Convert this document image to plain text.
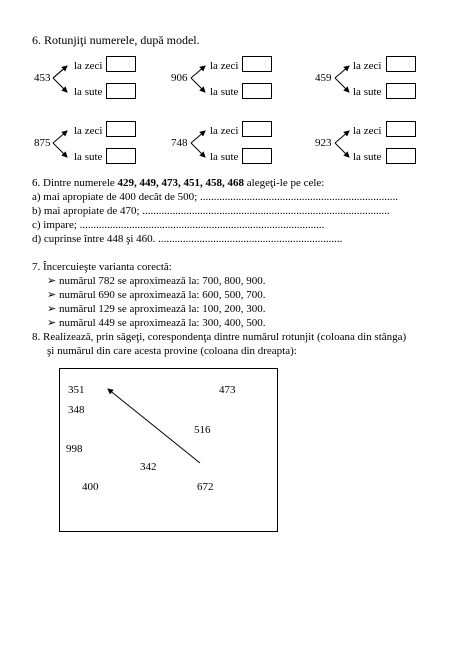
6. Rotunjiţi numerele, după model.
453
la zeci
la sute
906
la zeci
la sute
459
la zeci
la sute
875
la zeci
la sute
748
la zeci
la sute
923
la zeci
la sute
6. Dintre numerele 429, 449, 473, 451, 458, 468 alegeţi-le pe cele:
a) mai apropiate de 400 decât de 500; ........................................................................
b) mai apropiate de 470; ..........................................................................................
c) impare; .........................................................................................
d) cuprinse între 448 şi 460. ...................................................................
7. Încercuieşte varianta corectă:
➢ numărul 782 se aproximează la: 700, 800, 900.
➢ numărul 690 se aproximează la: 600, 500, 700.
➢ numărul 129 se aproximează la: 100, 200, 300.
➢ numărul 449 se aproximează la: 300, 400, 500.
8. Realizează, prin săgeţi, corespondenţa dintre numărul rotunjit (coloana din stânga)
şi numărul din care acesta provine (coloana din dreapta):
351	473
348
516
998
342
400	672
